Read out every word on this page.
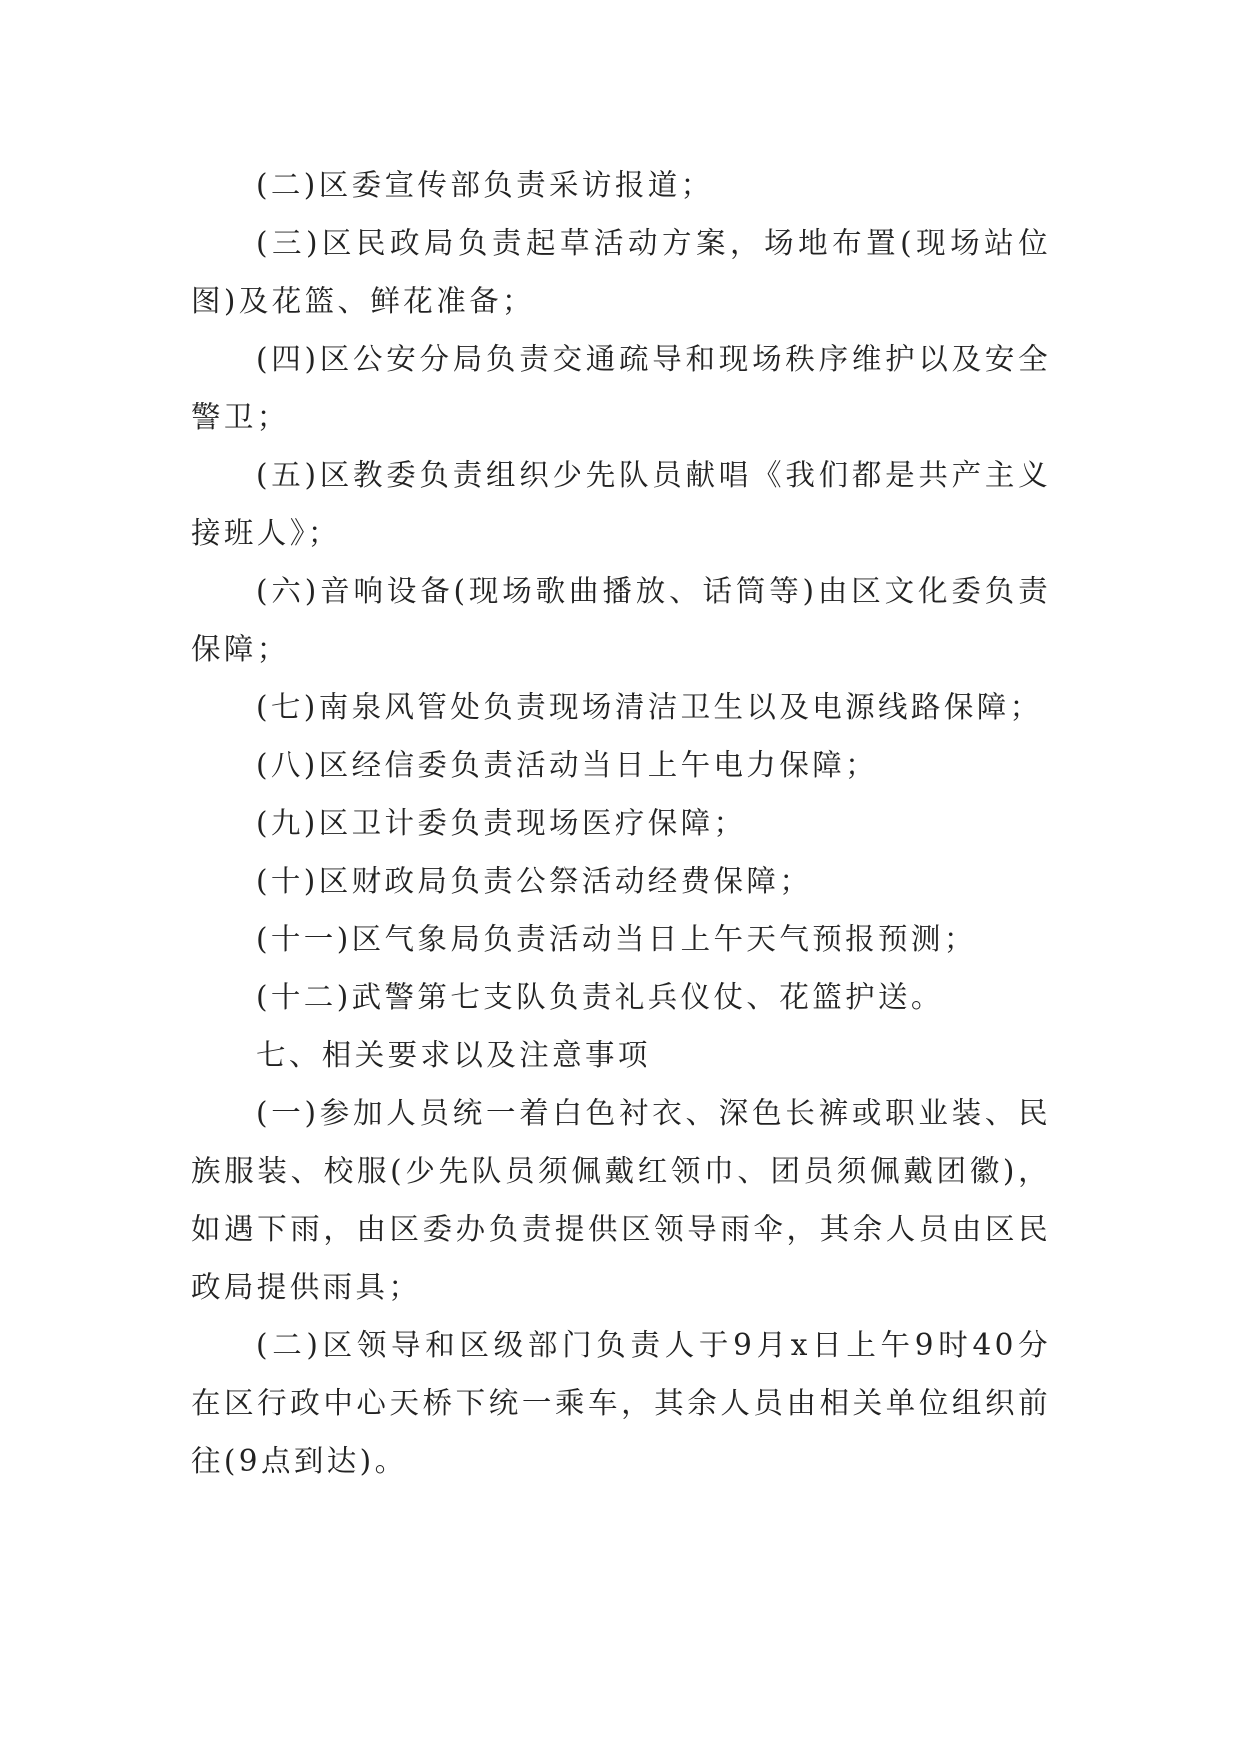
(二)区委宣传部负责采访报道；

(三)区民政局负责起草活动方案，场地布置(现场站位图)及花篮、鲜花准备；

(四)区公安分局负责交通疏导和现场秩序维护以及安全警卫；

(五)区教委负责组织少先队员献唱《我们都是共产主义接班人》；

(六)音响设备(现场歌曲播放、话筒等)由区文化委负责保障；

(七)南泉风管处负责现场清洁卫生以及电源线路保障；

(八)区经信委负责活动当日上午电力保障；

(九)区卫计委负责现场医疗保障；

(十)区财政局负责公祭活动经费保障；

(十一)区气象局负责活动当日上午天气预报预测；

(十二)武警第七支队负责礼兵仪仗、花篮护送。

七、相关要求以及注意事项

(一)参加人员统一着白色衬衣、深色长裤或职业装、民族服装、校服(少先队员须佩戴红领巾、团员须佩戴团徽)，如遇下雨，由区委办负责提供区领导雨伞，其余人员由区民政局提供雨具；

(二)区领导和区级部门负责人于9月x日上午9时40分在区行政中心天桥下统一乘车，其余人员由相关单位组织前往(9点到达)。
